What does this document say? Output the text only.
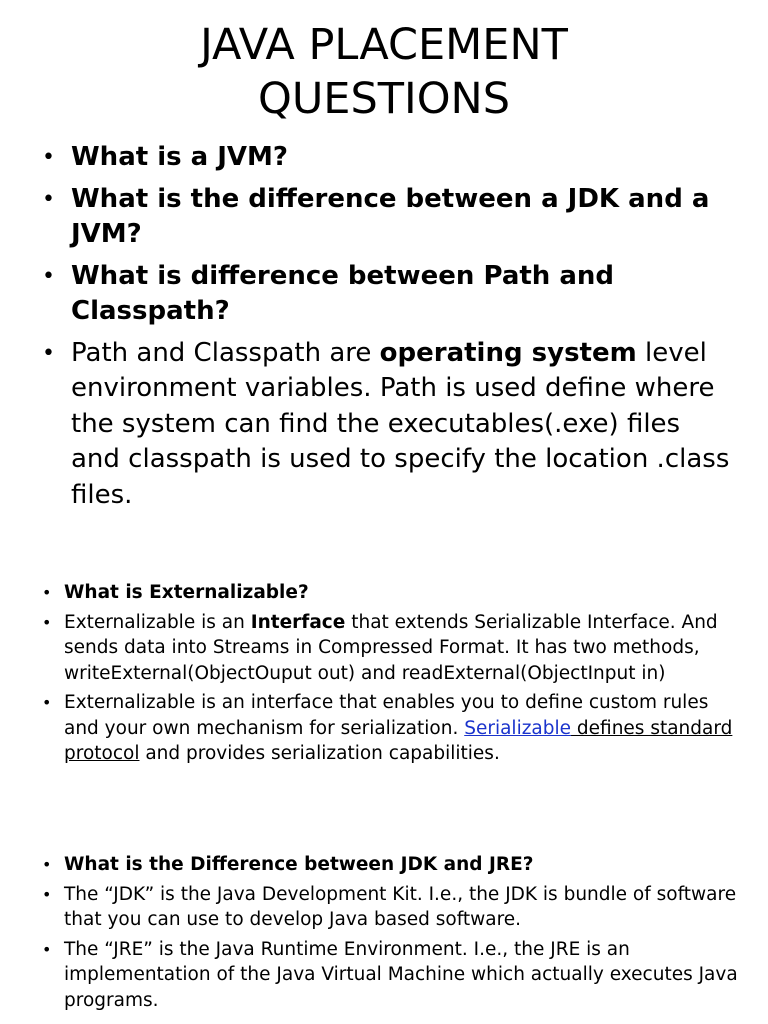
JAVA PLACEMENT
QUESTIONS
• What is a JVM?
• What is the difference between a JDK and a JVM?
• What is difference between Path and Classpath?
• Path and Classpath are operating system level environment variables. Path is used define where the system can find the executables(.exe) files and classpath is used to specify the location .class files.
• What is Externalizable?
• Externalizable is an Interface that extends Serializable Interface. And sends data into Streams in Compressed Format. It has two methods, writeExternal(ObjectOuput out) and readExternal(ObjectInput in)
• Externalizable is an interface that enables you to define custom rules and your own mechanism for serialization. Serializable defines standard protocol and provides serialization capabilities.
• What is the Difference between JDK and JRE?
• The “JDK” is the Java Development Kit. I.e., the JDK is bundle of software that you can use to develop Java based software.
• The “JRE” is the Java Runtime Environment. I.e., the JRE is an implementation of the Java Virtual Machine which actually executes Java programs.
